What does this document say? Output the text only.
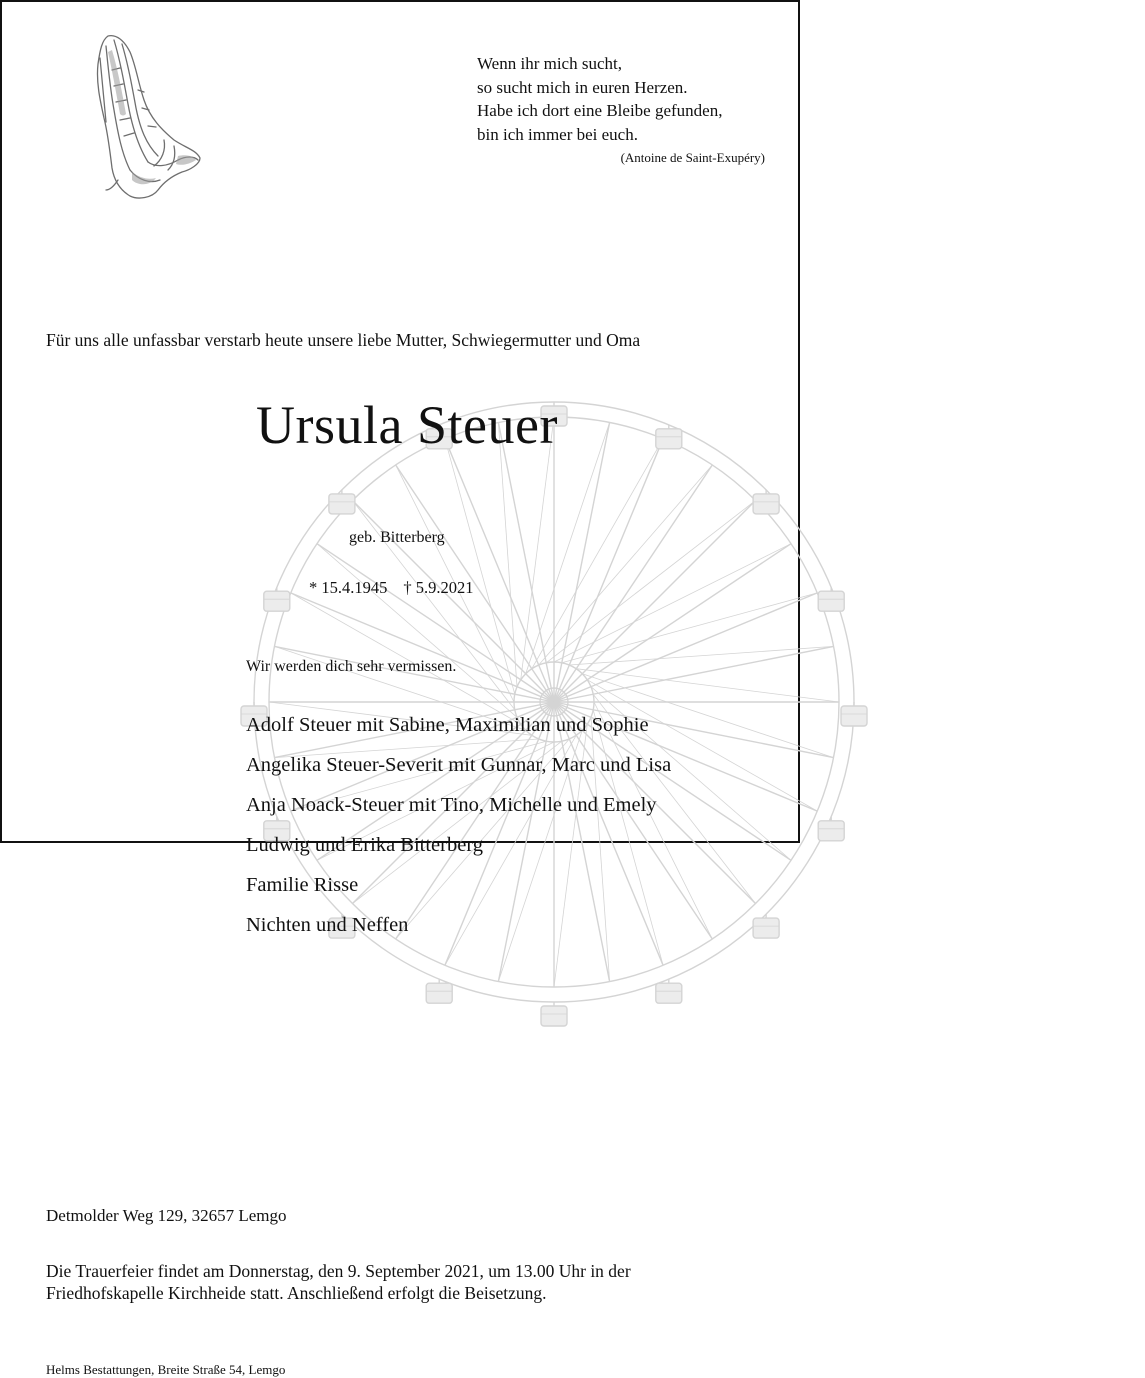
Wenn ihr mich sucht,
so sucht mich in euren Herzen.
Habe ich dort eine Bleibe gefunden,
bin ich immer bei euch.
(Antoine de Saint-Exupéry)
Für uns alle unfassbar verstarb heute unsere liebe Mutter, Schwiegermutter und Oma
Ursula Steuer
geb. Bitterberg
* 15.4.1945 † 5.9.2021
Wir werden dich sehr vermissen.
Adolf Steuer mit Sabine, Maximilian und Sophie
Angelika Steuer-Severit mit Gunnar, Marc und Lisa
Anja Noack-Steuer mit Tino, Michelle und Emely
Ludwig und Erika Bitterberg
Familie Risse
Nichten und Neffen
Detmolder Weg 129, 32657 Lemgo
Die Trauerfeier findet am Donnerstag, den 9. September 2021, um 13.00 Uhr in der
Friedhofskapelle Kirchheide statt. Anschließend erfolgt die Beisetzung.
Helms Bestattungen, Breite Straße 54, Lemgo
